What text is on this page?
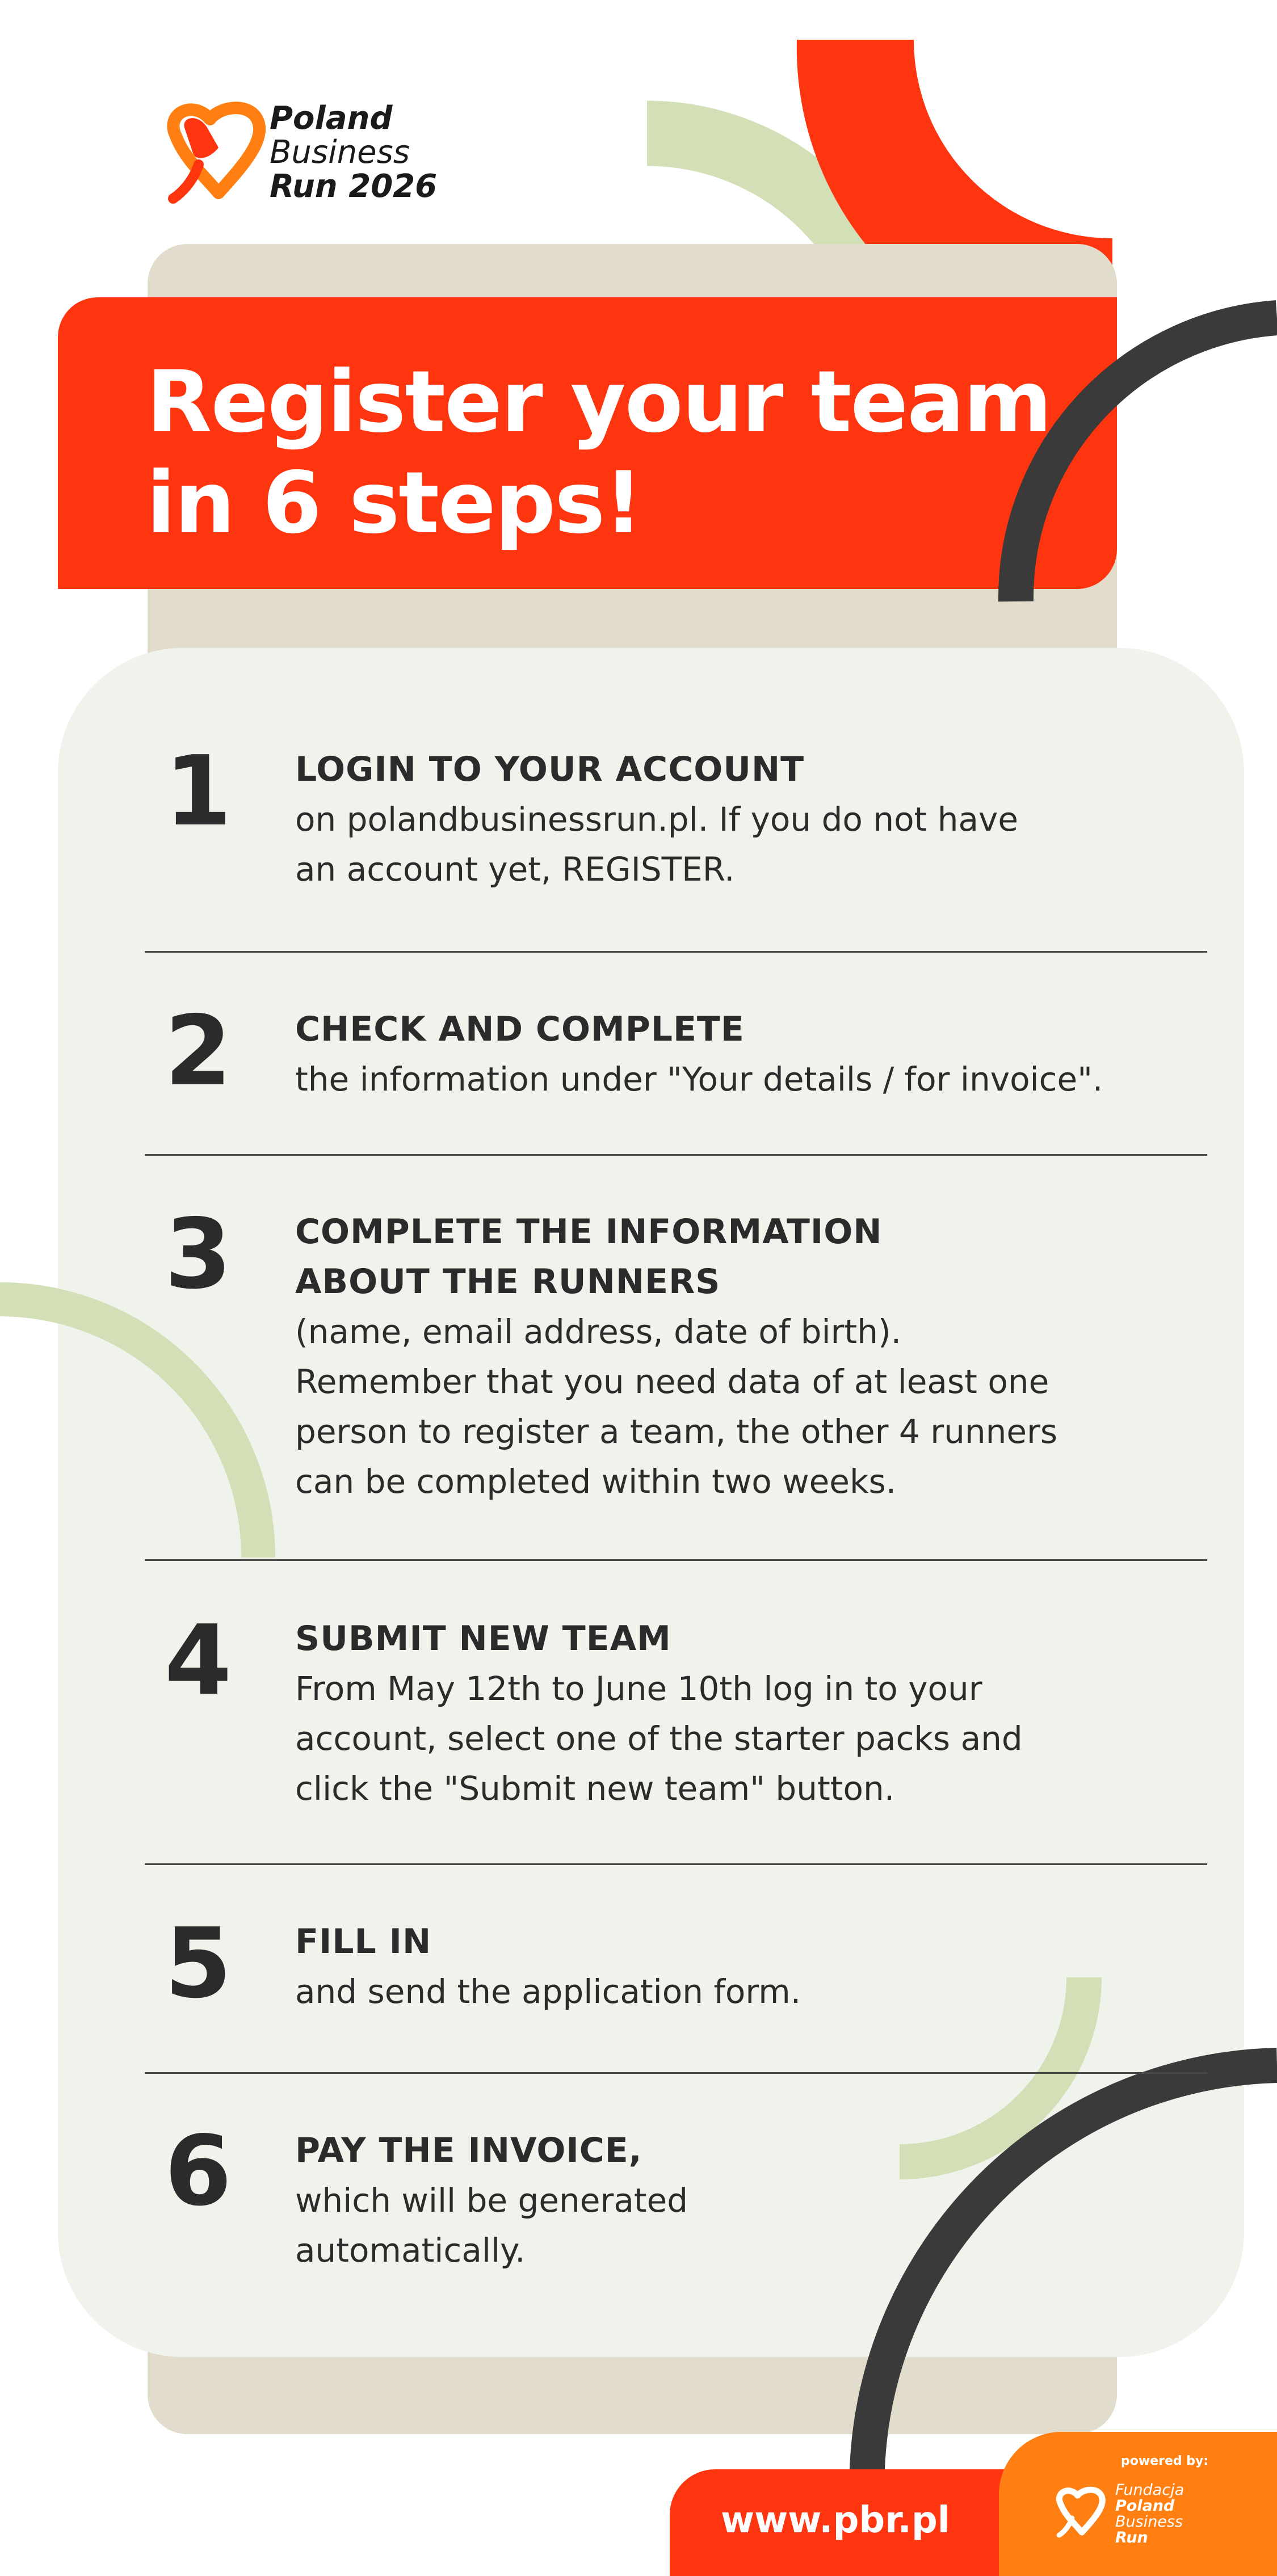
Register your team
in 6 steps!
Poland
Business
Run 2026
1 LOGIN TO YOUR ACCOUNT
on polandbusinessrun.pl. If you do not have
an account yet, REGISTER.
2 CHECK AND COMPLETE
the information under "Your details / for invoice".
3 COMPLETE THE INFORMATION
ABOUT THE RUNNERS
(name, email address, date of birth).
Remember that you need data of at least one
person to register a team, the other 4 runners
can be completed within two weeks.
4 SUBMIT NEW TEAM
From May 12th to June 10th log in to your
account, select one of the starter packs and
click the "Submit new team" button.
5 FILL IN
and send the application form.
6 PAY THE INVOICE,
which will be generated
automatically.
www.pbr.pl
powered by:
Fundacja
Poland
Business
Run
